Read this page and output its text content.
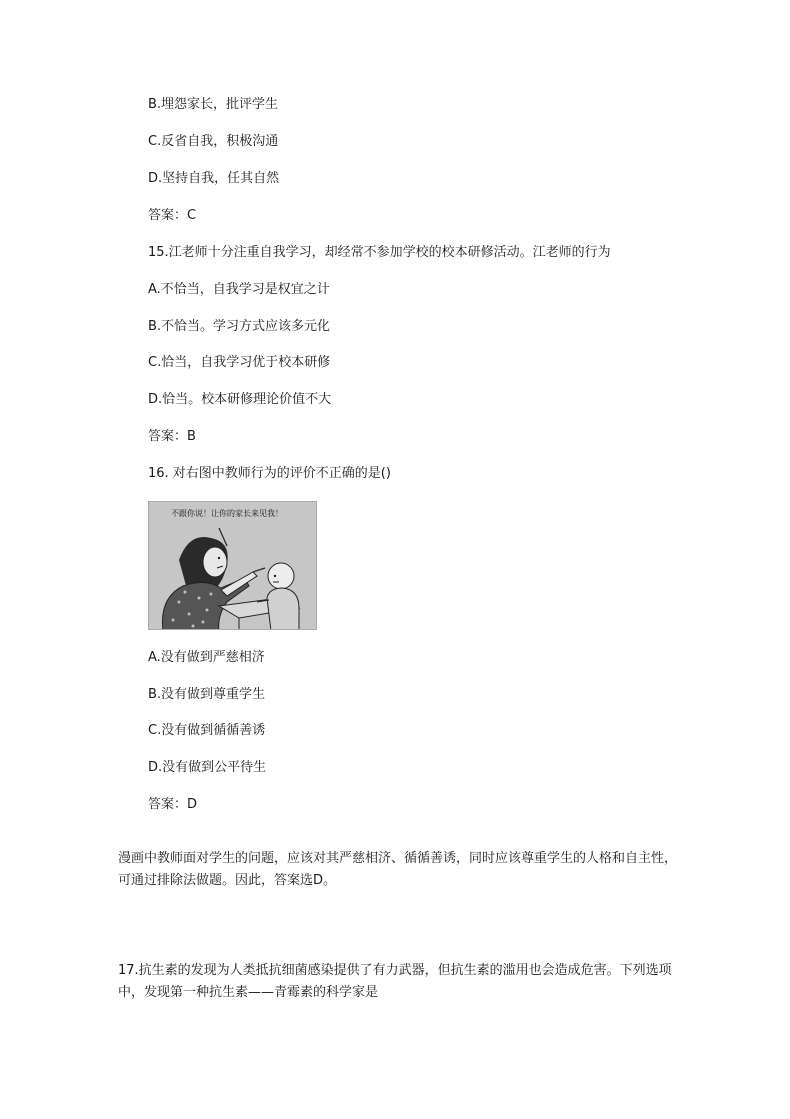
B.埋怨家长，批评学生
C.反省自我，积极沟通
D.坚持自我，任其自然
答案：C
15.江老师十分注重自我学习，却经常不参加学校的校本研修活动。江老师的行为
A.不恰当，自我学习是权宜之计
B.不恰当。学习方式应该多元化
C.恰当，自我学习优于校本研修
D.恰当。校本研修理论价值不大
答案：B
16. 对右图中教师行为的评价不正确的是()
不跟你说！让你的家长来见我！
A.没有做到严慈相济
B.没有做到尊重学生
C.没有做到循循善诱
D.没有做到公平待生
答案：D
漫画中教师面对学生的问题，应该对其严慈相济、循循善诱，同时应该尊重学生的人格和自主性，可通过排除法做题。因此，答案选D。
17.抗生素的发现为人类抵抗细菌感染提供了有力武器，但抗生素的滥用也会造成危害。下列选项中，发现第一种抗生素——青霉素的科学家是
